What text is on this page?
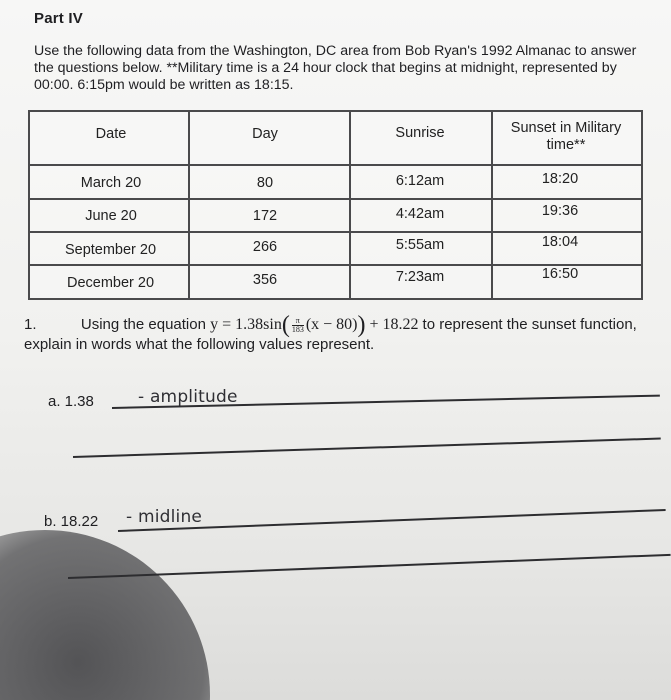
Part IV
Use the following data from the Washington, DC area from Bob Ryan's 1992 Almanac to answer the questions below. **Military time is a 24 hour clock that begins at midnight, represented by 00:00. 6:15pm would be written as 18:15.
Date	Day	Sunrise	Sunset in Military time**
March 20	80	6:12am	18:20
June 20	172	4:42am	19:36
September 20	266	5:55am	18:04
December 20	356	7:23am	16:50
1.	Using the equation $y = 1.38\sin( \frac{\pi}{183} (x - 80)) + 18.22$ to represent the sunset function, explain in words what the following values represent.
a. 1.38	- amplitude
b. 18.22 - midline
